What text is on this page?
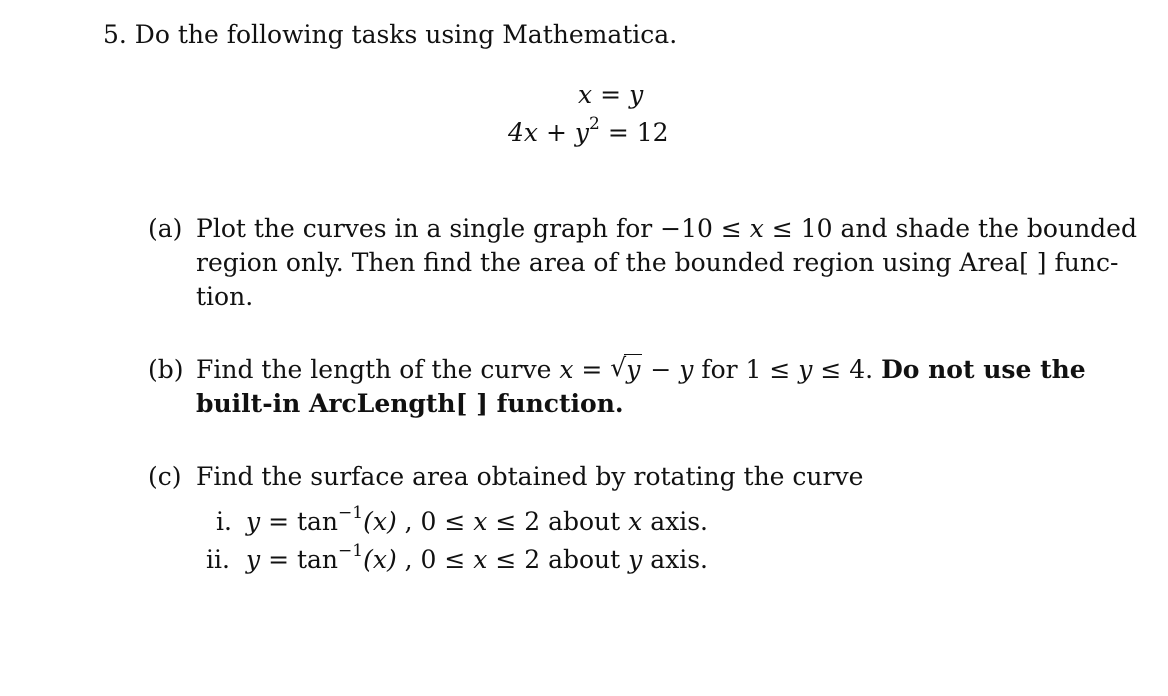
5. Do the following tasks using Mathematica.
x = y
$4x + y^2 = 12$
(a) Plot the curves in a single graph for −10 ≤ x ≤ 10 and shade the bounded
region only. Then find the area of the bounded region using Area[ ] func-
tion.
(b) Find the length of the curve x = √ y − y for 1 ≤ y ≤ 4. Do not use the
built-in ArcLength[ ] function.
(c) Find the surface area obtained by rotating the curve
i. $y = \tan^{-1}(x)$ , 0 ≤ x ≤ 2 about x axis.
ii. $y = \tan^{-1}(x)$ , 0 ≤ x ≤ 2 about y axis.
